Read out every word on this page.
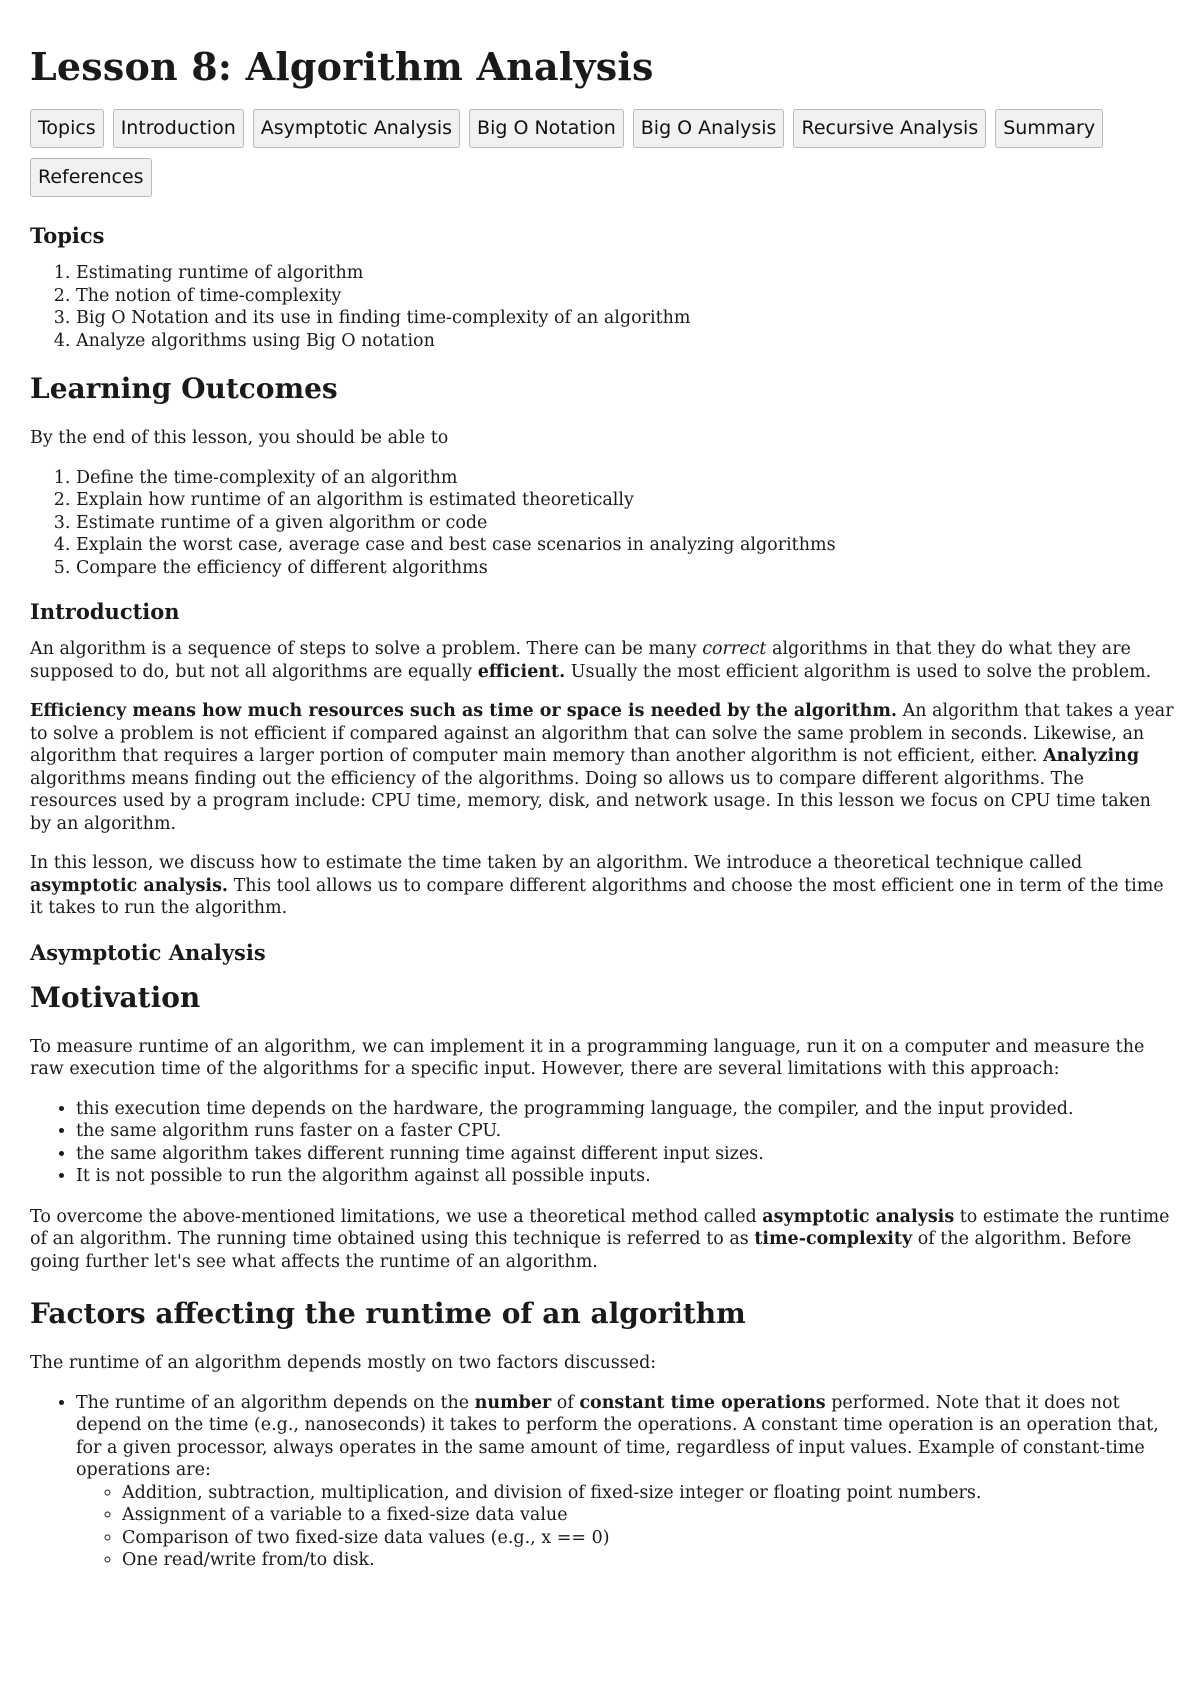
Lesson 8: Algorithm Analysis
Topics	Introduction	Asymptotic Analysis	Big O Notation	Big O Analysis	Recursive Analysis	Summary
References
Topics
1. Estimating runtime of algorithm
2. The notion of time-complexity
3. Big O Notation and its use in finding time-complexity of an algorithm
4. Analyze algorithms using Big O notation
Learning Outcomes

By the end of this lesson, you should be able to

1. Define the time-complexity of an algorithm
2. Explain how runtime of an algorithm is estimated theoretically
3. Estimate runtime of a given algorithm or code
4. Explain the worst case, average case and best case scenarios in analyzing algorithms
5. Compare the efficiency of different algorithms
Introduction

An algorithm is a sequence of steps to solve a problem. There can be many correct algorithms in that they do what they are supposed to do, but not all algorithms are equally efficient. Usually the most efficient algorithm is used to solve the problem.

Efficiency means how much resources such as time or space is needed by the algorithm. An algorithm that takes a year to solve a problem is not efficient if compared against an algorithm that can solve the same problem in seconds. Likewise, an algorithm that requires a larger portion of computer main memory than another algorithm is not efficient, either. Analyzing algorithms means finding out the efficiency of the algorithms. Doing so allows us to compare different algorithms. The resources used by a program include: CPU time, memory, disk, and network usage. In this lesson we focus on CPU time taken by an algorithm.

In this lesson, we discuss how to estimate the time taken by an algorithm. We introduce a theoretical technique called asymptotic analysis. This tool allows us to compare different algorithms and choose the most efficient one in term of the time it takes to run the algorithm.

Asymptotic Analysis
Motivation

To measure runtime of an algorithm, we can implement it in a programming language, run it on a computer and measure the raw execution time of the algorithms for a specific input. However, there are several limitations with this approach:

• this execution time depends on the hardware, the programming language, the compiler, and the input provided.
• the same algorithm runs faster on a faster CPU.
• the same algorithm takes different running time against different input sizes.
• It is not possible to run the algorithm against all possible inputs.

To overcome the above-mentioned limitations, we use a theoretical method called asymptotic analysis to estimate the runtime of an algorithm. The running time obtained using this technique is referred to as time-complexity of the algorithm. Before going further let's see what affects the runtime of an algorithm.

Factors affecting the runtime of an algorithm

The runtime of an algorithm depends mostly on two factors discussed:

• The runtime of an algorithm depends on the number of constant time operations performed. Note that it does not depend on the time (e.g., nanoseconds) it takes to perform the operations. A constant time operation is an operation that, for a given processor, always operates in the same amount of time, regardless of input values. Example of constant-time operations are:
◦ Addition, subtraction, multiplication, and division of fixed-size integer or floating point numbers.
◦ Assignment of a variable to a fixed-size data value
◦ Comparison of two fixed-size data values (e.g., x == 0)
◦ One read/write from/to disk.
